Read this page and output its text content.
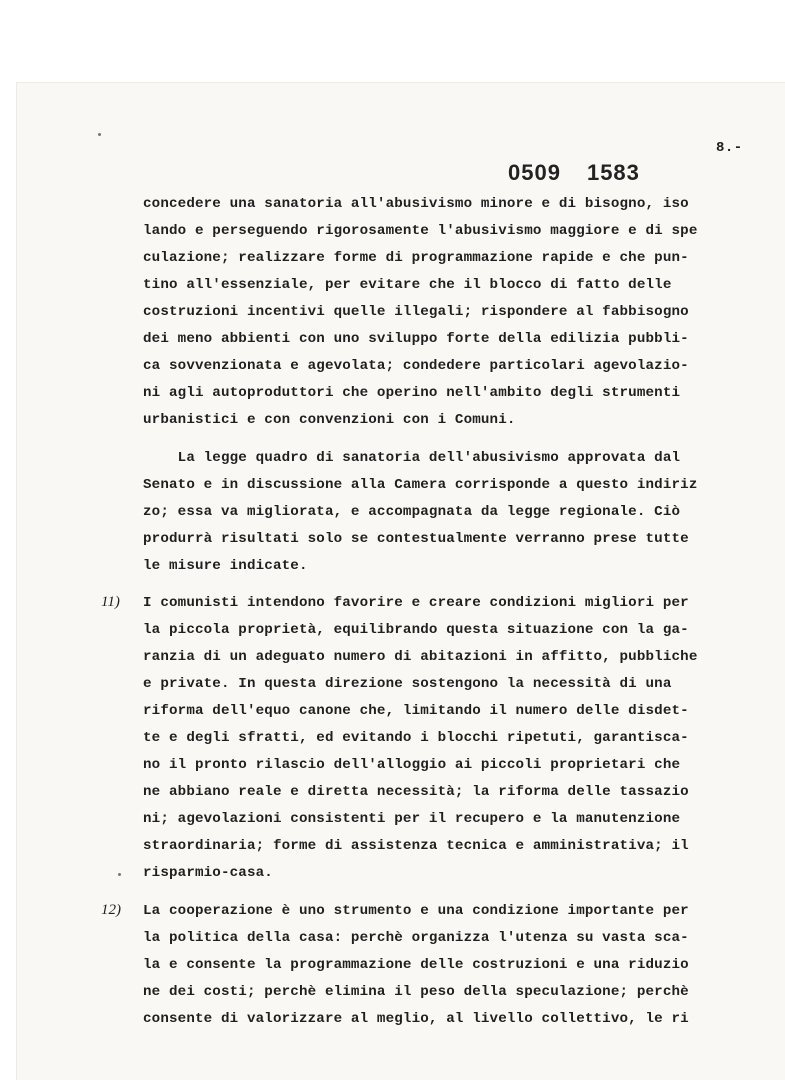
8.-
0509 1583
concedere una sanatoria all'abusivismo minore e di bisogno, iso
lando e perseguendo rigorosamente l'abusivismo maggiore e di spe
culazione; realizzare forme di programmazione rapide e che pun-
tino all'essenziale, per evitare che il blocco di fatto delle
costruzioni incentivi quelle illegali; rispondere al fabbisogno
dei meno abbienti con uno sviluppo forte della edilizia pubbli-
ca sovvenzionata e agevolata; condedere particolari agevolazio-
ni agli autoproduttori che operino nell'ambito degli strumenti
urbanistici e con convenzioni con i Comuni.
La legge quadro di sanatoria dell'abusivismo approvata dal
Senato e in discussione alla Camera corrisponde a questo indiriz
zo; essa va migliorata, e accompagnata da legge regionale. Ciò
produrrà risultati solo se contestualmente verranno prese tutte
le misure indicate.
11) I comunisti intendono favorire e creare condizioni migliori per
la piccola proprietà, equilibrando questa situazione con la ga-
ranzia di un adeguato numero di abitazioni in affitto, pubbliche
e private. In questa direzione sostengono la necessità di una
riforma dell'equo canone che, limitando il numero delle disdet-
te e degli sfratti, ed evitando i blocchi ripetuti, garantisca-
no il pronto rilascio dell'alloggio ai piccoli proprietari che
ne abbiano reale e diretta necessità; la riforma delle tassazio
ni; agevolazioni consistenti per il recupero e la manutenzione
straordinaria; forme di assistenza tecnica e amministrativa; il
risparmio-casa.
12) La cooperazione è uno strumento e una condizione importante per
la politica della casa: perchè organizza l'utenza su vasta sca-
la e consente la programmazione delle costruzioni e una riduzio
ne dei costi; perchè elimina il peso della speculazione; perchè
consente di valorizzare al meglio, al livello collettivo, le ri
